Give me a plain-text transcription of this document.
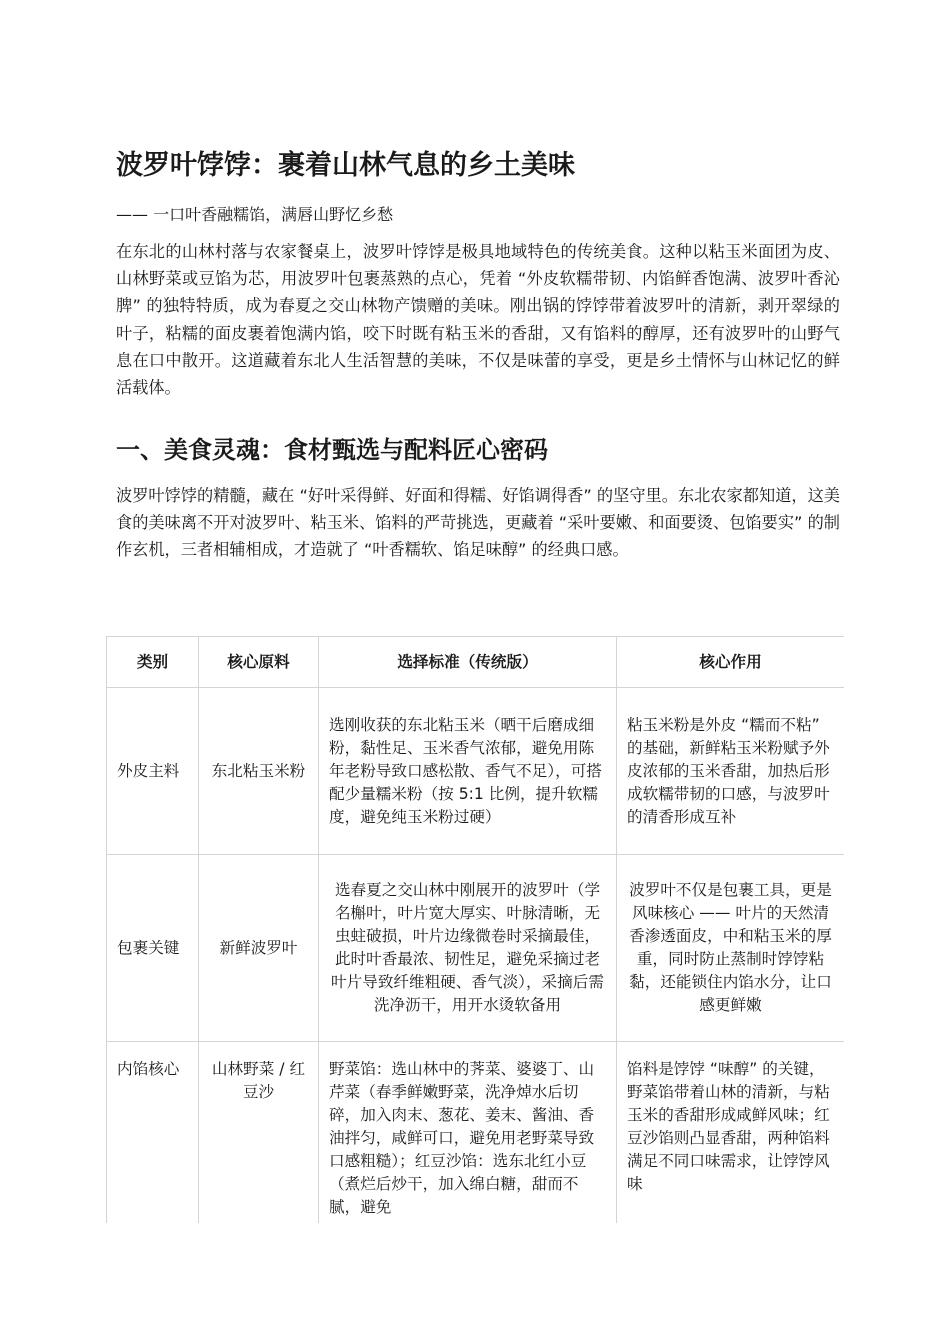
波罗叶饽饽：裹着山林气息的乡土美味

—— 一口叶香融糯馅，满唇山野忆乡愁

在东北的山林村落与农家餐桌上，波罗叶饽饽是极具地域特色的传统美食。这种以粘玉米面团为皮、山林野菜或豆馅为芯，用波罗叶包裹蒸熟的点心，凭着 “外皮软糯带韧、内馅鲜香饱满、波罗叶香沁脾” 的独特特质，成为春夏之交山林物产馈赠的美味。刚出锅的饽饽带着波罗叶的清新，剥开翠绿的叶子，粘糯的面皮裹着饱满内馅，咬下时既有粘玉米的香甜，又有馅料的醇厚，还有波罗叶的山野气息在口中散开。这道藏着东北人生活智慧的美味，不仅是味蕾的享受，更是乡土情怀与山林记忆的鲜活载体。

一、美食灵魂：食材甄选与配料匠心密码

波罗叶饽饽的精髓，藏在 “好叶采得鲜、好面和得糯、好馅调得香” 的坚守里。东北农家都知道，这美食的美味离不开对波罗叶、粘玉米、馅料的严苛挑选，更藏着 “采叶要嫩、和面要烫、包馅要实” 的制作玄机，三者相辅相成，才造就了 “叶香糯软、馅足味醇” 的经典口感。

类别	核心原料	选择标准（传统版）	核心作用
外皮主料	东北粘玉米粉	选刚收获的东北粘玉米（晒干后磨成细粉，黏性足、玉米香气浓郁，避免用陈年老粉导致口感松散、香气不足），可搭配少量糯米粉（按 5:1 比例，提升软糯度，避免纯玉米粉过硬）	粘玉米粉是外皮 “糯而不粘” 的基础，新鲜粘玉米粉赋予外皮浓郁的玉米香甜，加热后形成软糯带韧的口感，与波罗叶的清香形成互补
包裹关键	新鲜波罗叶	选春夏之交山林中刚展开的波罗叶（学名槲叶，叶片宽大厚实、叶脉清晰，无虫蛀破损，叶片边缘微卷时采摘最佳，此时叶香最浓、韧性足，避免采摘过老叶片导致纤维粗硬、香气淡），采摘后需洗净沥干，用开水烫软备用	波罗叶不仅是包裹工具，更是风味核心 —— 叶片的天然清香渗透面皮，中和粘玉米的厚重，同时防止蒸制时饽饽粘黏，还能锁住内馅水分，让口感更鲜嫩
内馅核心	山林野菜 / 红豆沙	野菜馅：选山林中的荠菜、婆婆丁、山芹菜（春季鲜嫩野菜，洗净焯水后切碎，加入肉末、葱花、姜末、酱油、香油拌匀，咸鲜可口，避免用老野菜导致口感粗糙）；红豆沙馅：选东北红小豆（煮烂后炒干，加入绵白糖，甜而不腻，避免	馅料是饽饽 “味醇” 的关键，野菜馅带着山林的清新，与粘玉米的香甜形成咸鲜风味；红豆沙馅则凸显香甜，两种馅料满足不同口味需求，让饽饽风味
